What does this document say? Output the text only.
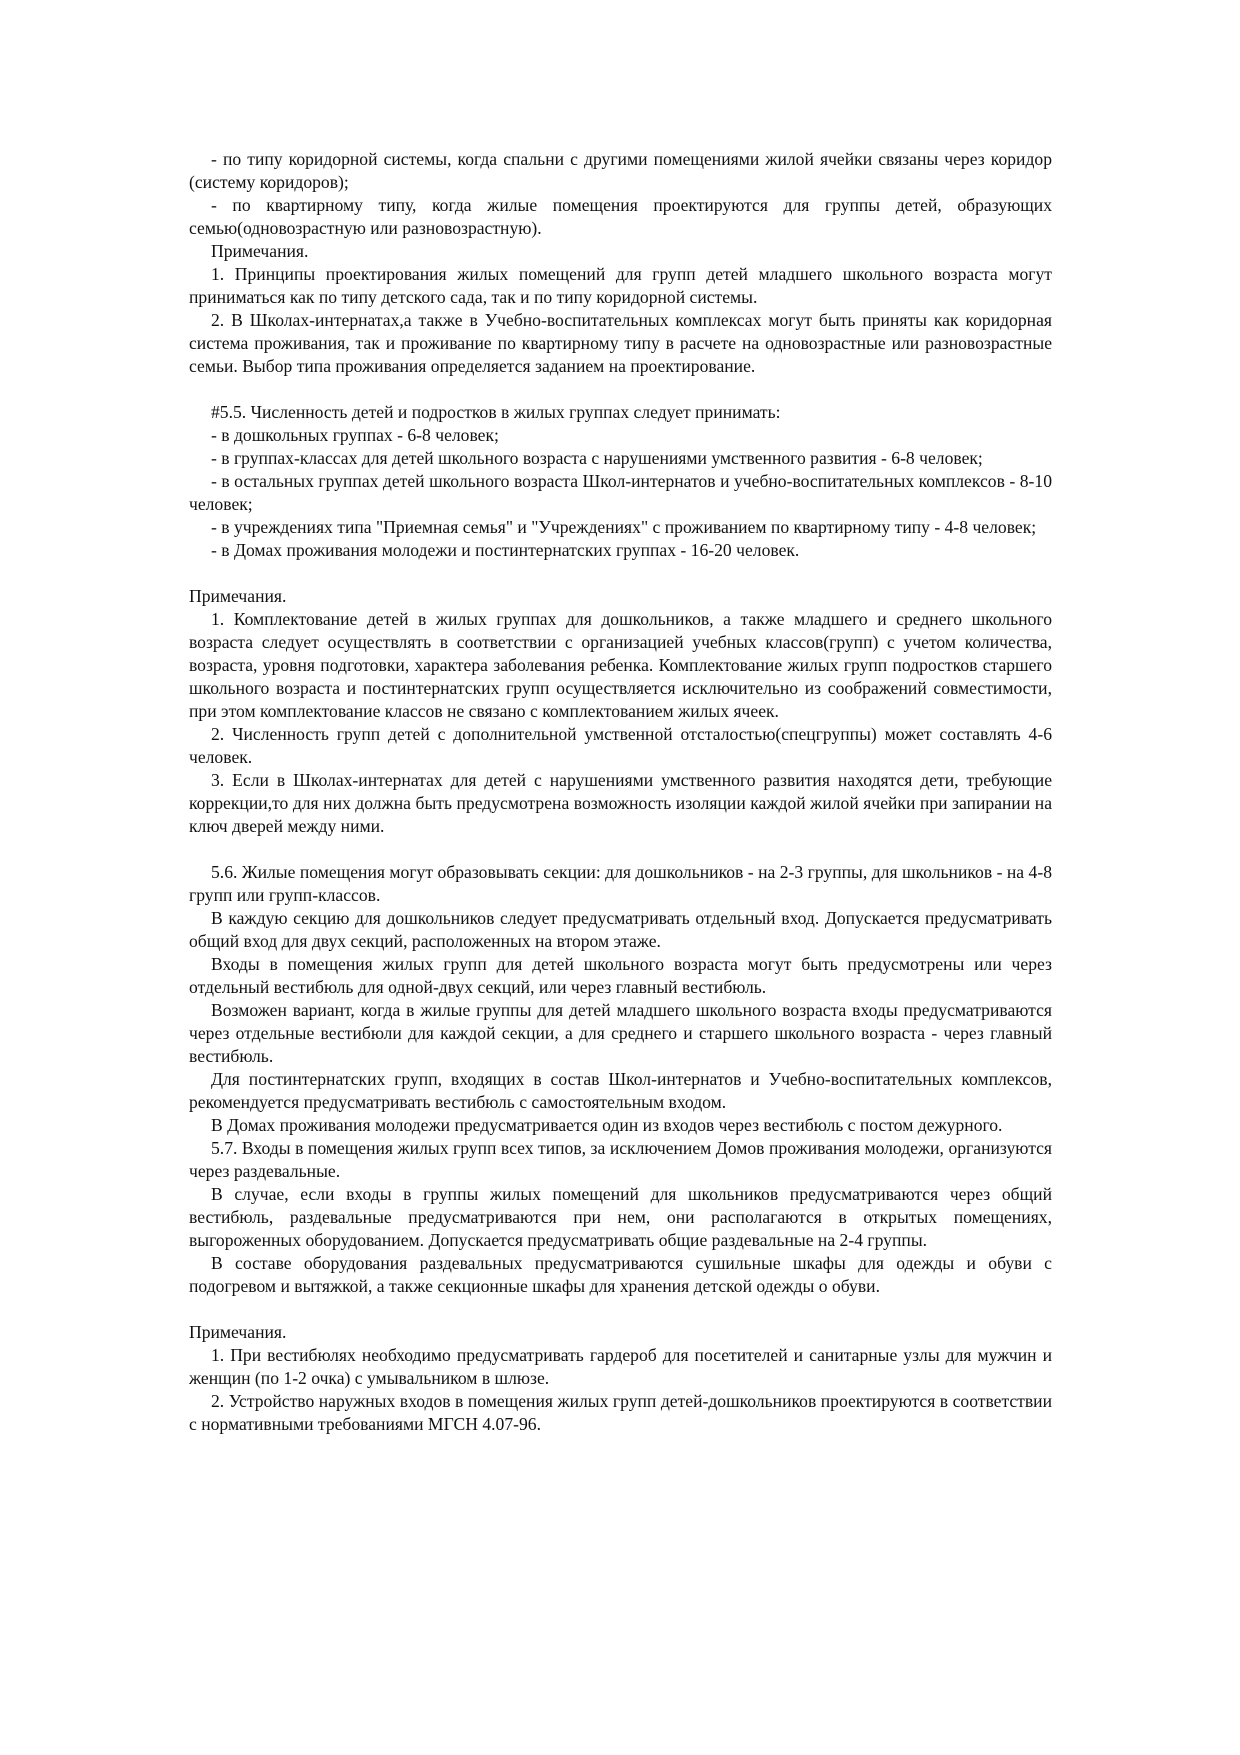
- по типу коридорной системы, когда спальни с другими помещениями жилой ячейки связаны через коридор (систему коридоров);

- по квартирному типу, когда жилые помещения проектируются для группы детей, образующих семью(одновозрастную или разновозрастную).

Примечания.

1. Принципы проектирования жилых помещений для групп детей младшего школьного возраста могут приниматься как по типу детского сада, так и по типу коридорной системы.

2. В Школах-интернатах,а также в Учебно-воспитательных комплексах могут быть приняты как коридорная система проживания, так и проживание по квартирному типу в расчете на одновозрастные или разновозрастные семьи. Выбор типа проживания определяется заданием на проектирование.

#5.5. Численность детей и подростков в жилых группах следует принимать:

- в дошкольных группах - 6-8 человек;

- в группах-классах для детей школьного возраста с нарушениями умственного развития - 6-8 человек;

- в остальных группах детей школьного возраста Школ-интернатов и учебно-воспитательных комплексов - 8-10 человек;

- в учреждениях типа "Приемная семья" и "Учреждениях" с проживанием по квартирному типу - 4-8 человек;

- в Домах проживания молодежи и постинтернатских группах - 16-20 человек.

Примечания.

1. Комплектование детей в жилых группах для дошкольников, а также младшего и среднего школьного возраста следует осуществлять в соответствии с организацией учебных классов(групп) с учетом количества, возраста, уровня подготовки, характера заболевания ребенка. Комплектование жилых групп подростков старшего школьного возраста и постинтернатских групп осуществляется исключительно из соображений совместимости, при этом комплектование классов не связано с комплектованием жилых ячеек.

2. Численность групп детей с дополнительной умственной отсталостью(спецгруппы) может составлять 4-6 человек.

3. Если в Школах-интернатах для детей с нарушениями умственного развития находятся дети, требующие коррекции,то для них должна быть предусмотрена возможность изоляции каждой жилой ячейки при запирании на ключ дверей между ними.

5.6. Жилые помещения могут образовывать секции: для дошкольников - на 2-3 группы, для школьников - на 4-8 групп или групп-классов.

В каждую секцию для дошкольников следует предусматривать отдельный вход. Допускается предусматривать общий вход для двух секций, расположенных на втором этаже.

Входы в помещения жилых групп для детей школьного возраста могут быть предусмотрены или через отдельный вестибюль для одной-двух секций, или через главный вестибюль.

Возможен вариант, когда в жилые группы для детей младшего школьного возраста входы предусматриваются через отдельные вестибюли для каждой секции, а для среднего и старшего школьного возраста - через главный вестибюль.

Для постинтернатских групп, входящих в состав Школ-интернатов и Учебно-воспитательных комплексов, рекомендуется предусматривать вестибюль с самостоятельным входом.

В Домах проживания молодежи предусматривается один из входов через вестибюль с постом дежурного.

5.7. Входы в помещения жилых групп всех типов, за исключением Домов проживания молодежи, организуются через раздевальные.

В случае, если входы в группы жилых помещений для школьников предусматриваются через общий вестибюль, раздевальные предусматриваются при нем, они располагаются в открытых помещениях, выгороженных оборудованием. Допускается предусматривать общие раздевальные на 2-4 группы.

В составе оборудования раздевальных предусматриваются сушильные шкафы для одежды и обуви с подогревом и вытяжкой, а также секционные шкафы для хранения детской одежды о обуви.

Примечания.

1. При вестибюлях необходимо предусматривать гардероб для посетителей и санитарные узлы для мужчин и женщин (по 1-2 очка) с умывальником в шлюзе.

2. Устройство наружных входов в помещения жилых групп детей-дошкольников проектируются в соответствии с нормативными требованиями МГСН 4.07-96.
